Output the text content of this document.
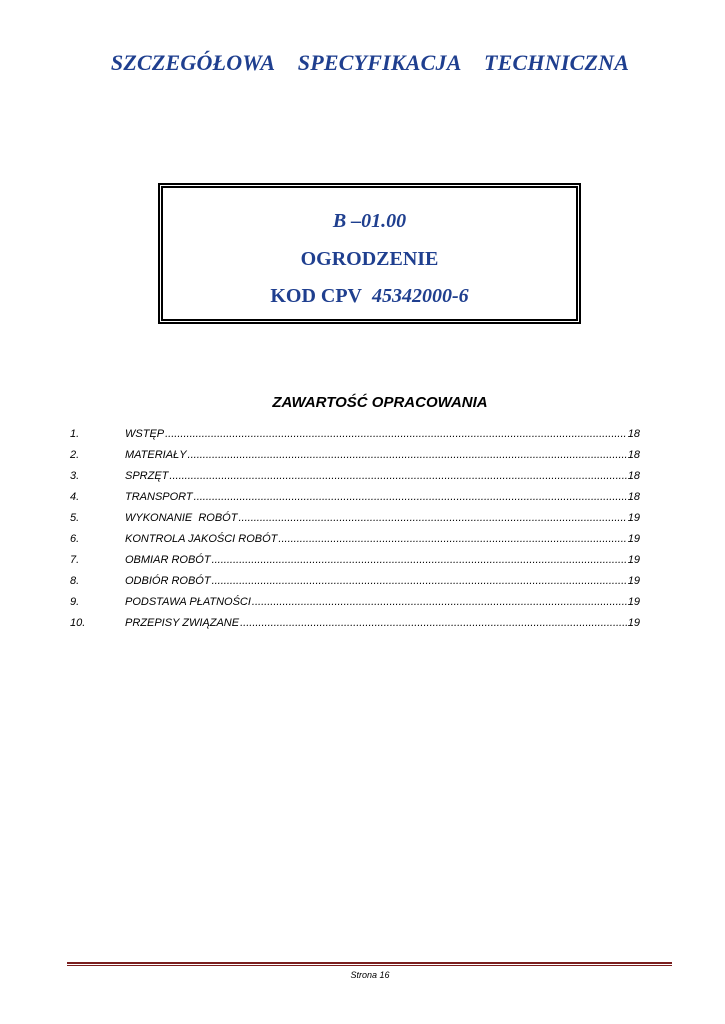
SZCZEGÓŁOWA SPECYFIKACJA TECHNICZNA
B –01.00
OGRODZENIE
KOD CPV 45342000-6
ZAWARTOŚĆ OPRACOWANIA
1.	WSTĘP .....	18
2.	MATERIAŁY .....	18
3.	SPRZĘT .....	18
4.	TRANSPORT .....	18
5.	WYKONANIE  ROBÓT .....	19
6.	KONTROLA JAKOŚCI ROBÓT .....	19
7.	OBMIAR ROBÓT .....	19
8.	ODBIÓR ROBÓT .....	19
9.	PODSTAWA PŁATNOŚCI .....	19
10.	PRZEPISY ZWIĄZANE .....	19
Strona 16
